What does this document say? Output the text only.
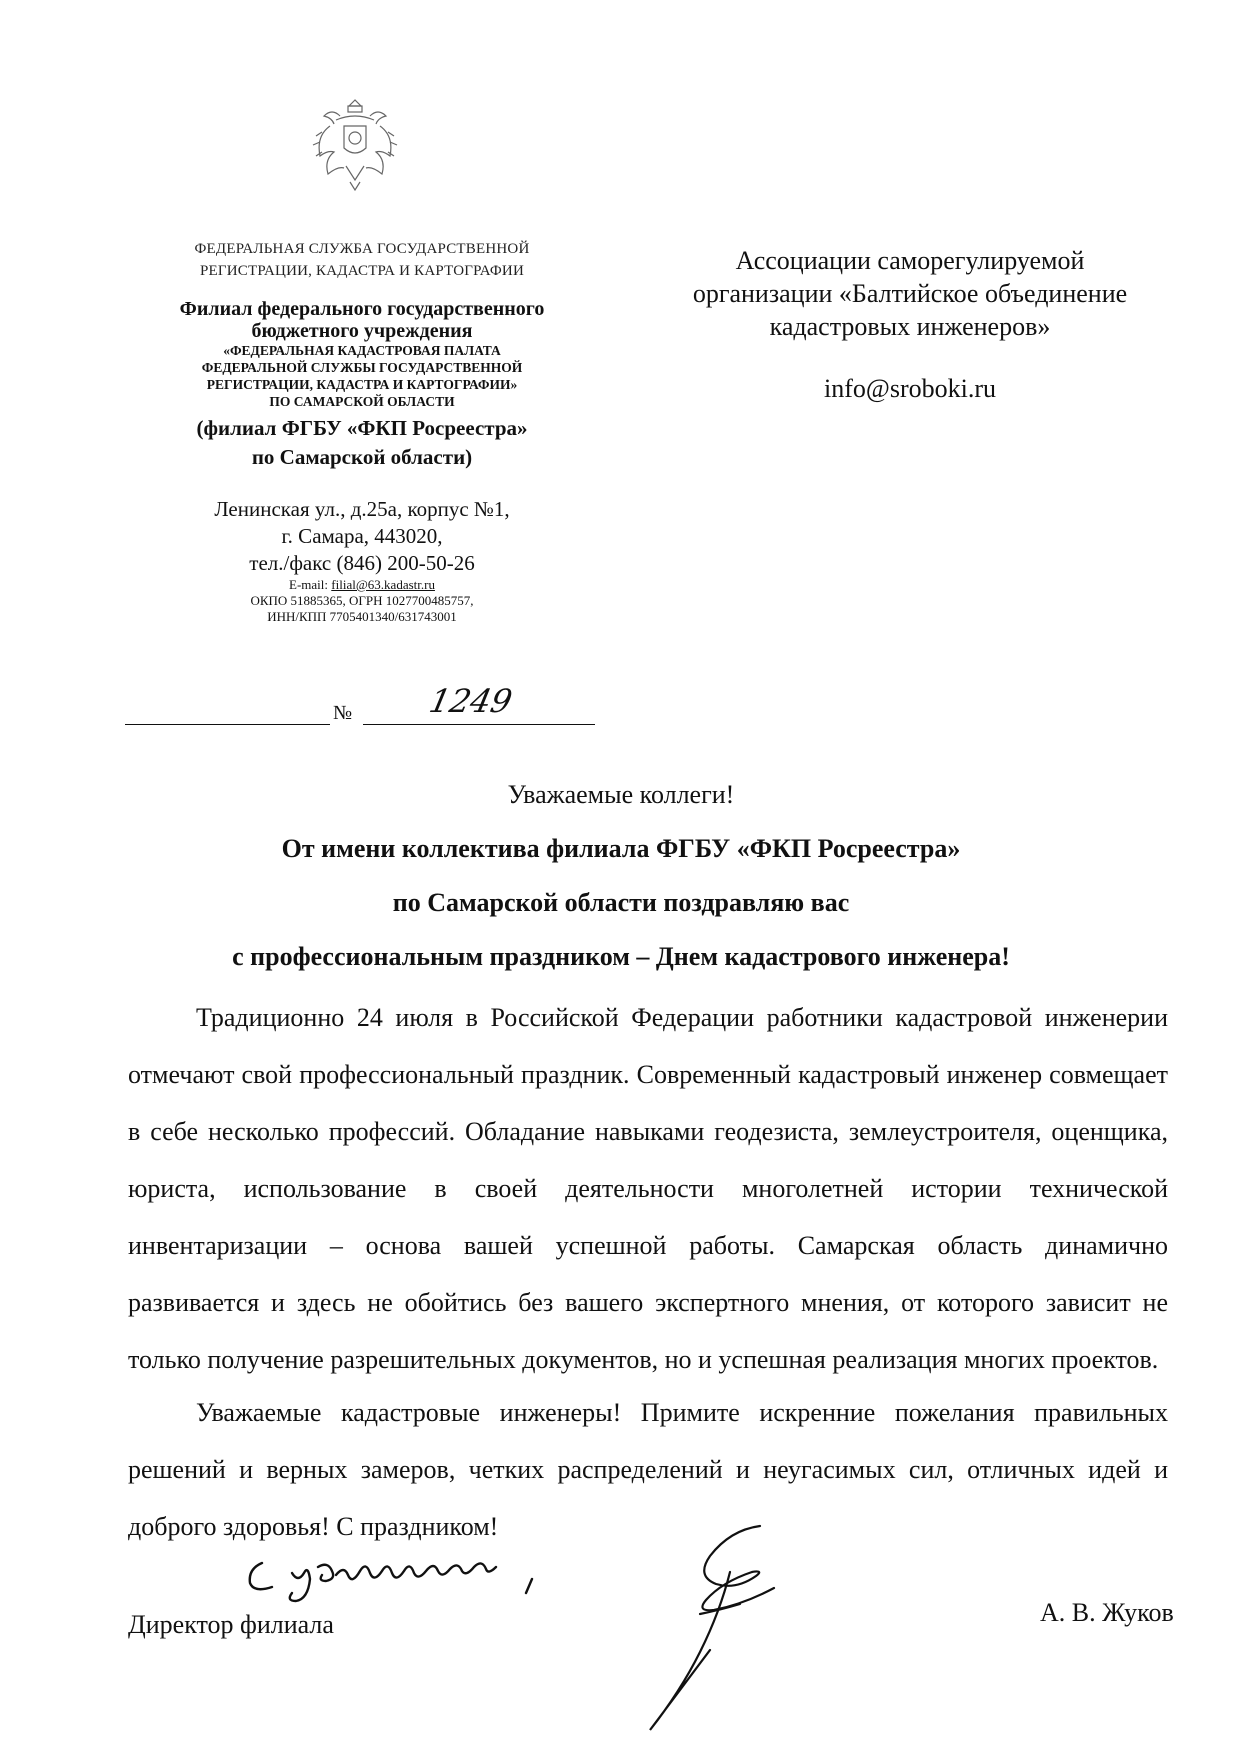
ФЕДЕРАЛЬНАЯ СЛУЖБА ГОСУДАРСТВЕННОЙ
РЕГИСТРАЦИИ, КАДАСТРА И КАРТОГРАФИИ
Филиал федерального государственного
бюджетного учреждения
«ФЕДЕРАЛЬНАЯ КАДАСТРОВАЯ ПАЛАТА
ФЕДЕРАЛЬНОЙ СЛУЖБЫ ГОСУДАРСТВЕННОЙ
РЕГИСТРАЦИИ, КАДАСТРА И КАРТОГРАФИИ»
ПО САМАРСКОЙ ОБЛАСТИ
(филиал ФГБУ «ФКП Росреестра»
по Самарской области)
Ленинская ул., д.25а, корпус №1,
г. Самара, 443020,
тел./факс (846) 200-50-26
E-mail: filial@63.kadastr.ru
ОКПО 51885365, ОГРН 1027700485757,
ИНН/КПП 7705401340/631743001
№ 1249
Ассоциации саморегулируемой
организации «Балтийское объединение
кадастровых инженеров»
info@sroboki.ru
Уважаемые коллеги!
От имени коллектива филиала ФГБУ «ФКП Росреестра»
по Самарской области поздравляю вас
с профессиональным праздником – Днем кадастрового инженера!
Традиционно 24 июля в Российской Федерации работники кадастровой инженерии отмечают свой профессиональный праздник. Современный кадастровый инженер совмещает в себе несколько профессий. Обладание навыками геодезиста, землеустроителя, оценщика, юриста, использование в своей деятельности многолетней истории технической инвентаризации – основа вашей успешной работы. Самарская область динамично развивается и здесь не обойтись без вашего экспертного мнения, от которого зависит не только получение разрешительных документов, но и успешная реализация многих проектов.
Уважаемые кадастровые инженеры! Примите искренние пожелания правильных решений и верных замеров, четких распределений и неугасимых сил, отличных идей и доброго здоровья! С праздником!
Директор филиала	А. В. Жуков
